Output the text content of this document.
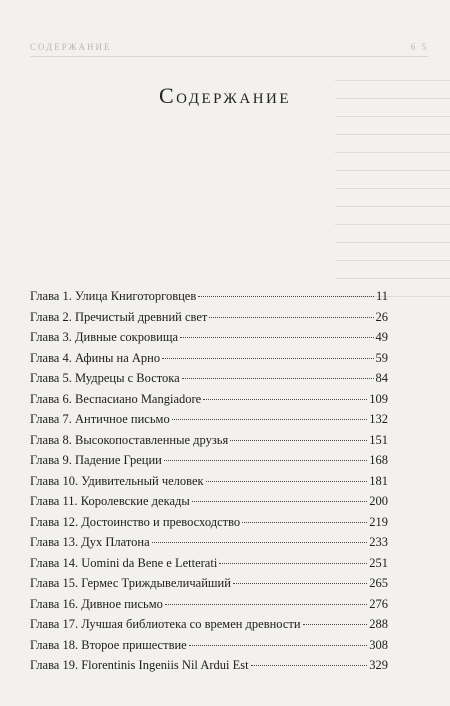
СОДЕРЖАНИЕ	6 5
Содержание
Глава 1. Улица Книготорговцев	11
Глава 2. Пречистый древний свет	26
Глава 3. Дивные сокровища	49
Глава 4. Афины на Арно	59
Глава 5. Мудрецы с Востока	84
Глава 6. Веспасиано Mangiadore	109
Глава 7. Античное письмо	132
Глава 8. Высокопоставленные друзья	151
Глава 9. Падение Греции	168
Глава 10. Удивительный человек	181
Глава 11. Королевские декады	200
Глава 12. Достоинство и превосходство	219
Глава 13. Дух Платона	233
Глава 14. Uomini da Bene e Letterati	251
Глава 15. Гермес Триждывеличайший	265
Глава 16. Дивное письмо	276
Глава 17. Лучшая библиотека со времен древности	288
Глава 18. Второе пришествие	308
Глава 19. Florentinis Ingeniis Nil Ardui Est	329
